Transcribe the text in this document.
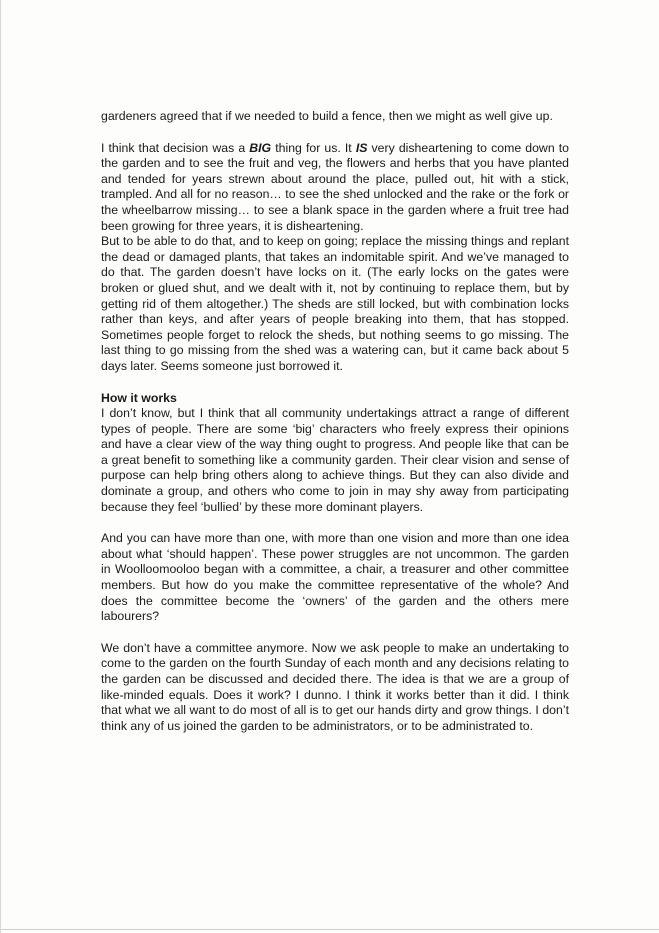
gardeners agreed that if we needed to build a fence, then we might as well give up.

I think that decision was a BIG thing for us. It IS very disheartening to come down to the garden and to see the fruit and veg, the flowers and herbs that you have planted and tended for years strewn about around the place, pulled out, hit with a stick, trampled. And all for no reason… to see the shed unlocked and the rake or the fork or the wheelbarrow missing… to see a blank space in the garden where a fruit tree had been growing for three years, it is disheartening.

But to be able to do that, and to keep on going; replace the missing things and replant the dead or damaged plants, that takes an indomitable spirit. And we’ve managed to do that. The garden doesn’t have locks on it. (The early locks on the gates were broken or glued shut, and we dealt with it, not by continuing to replace them, but by getting rid of them altogether.) The sheds are still locked, but with combination locks rather than keys, and after years of people breaking into them, that has stopped. Sometimes people forget to relock the sheds, but nothing seems to go missing. The last thing to go missing from the shed was a watering can, but it came back about 5 days later. Seems someone just borrowed it.

How it works

I don’t know, but I think that all community undertakings attract a range of different types of people. There are some ‘big’ characters who freely express their opinions and have a clear view of the way thing ought to progress. And people like that can be a great benefit to something like a community garden. Their clear vision and sense of purpose can help bring others along to achieve things. But they can also divide and dominate a group, and others who come to join in may shy away from participating because they feel ‘bullied’ by these more dominant players.

And you can have more than one, with more than one vision and more than one idea about what ‘should happen’. These power struggles are not uncommon. The garden in Woolloomooloo began with a committee, a chair, a treasurer and other committee members. But how do you make the committee representative of the whole? And does the committee become the ‘owners’ of the garden and the others mere labourers?

We don’t have a committee anymore. Now we ask people to make an undertaking to come to the garden on the fourth Sunday of each month and any decisions relating to the garden can be discussed and decided there. The idea is that we are a group of like-minded equals. Does it work? I dunno. I think it works better than it did. I think that what we all want to do most of all is to get our hands dirty and grow things. I don’t think any of us joined the garden to be administrators, or to be administrated to.
